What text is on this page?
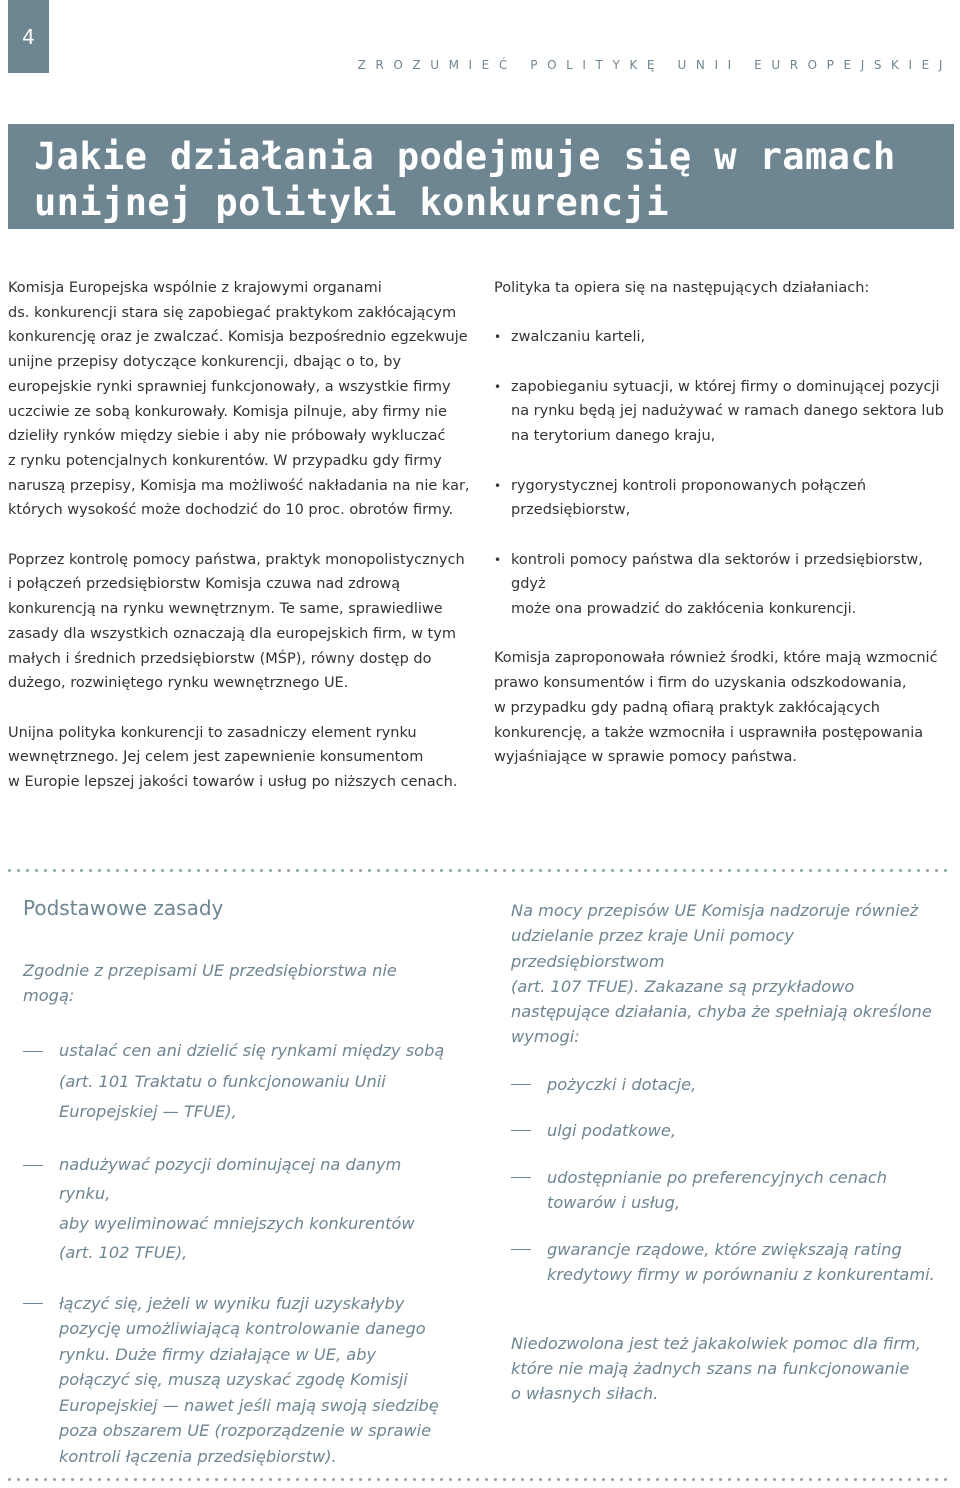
4
ZROZUMIEĆ POLITYKĘ UNII EUROPEJSKIEJ
Jakie działania podejmuje się w ramach
unijnej polityki konkurencji

Komisja Europejska wspólnie z krajowymi organami
ds. konkurencji stara się zapobiegać praktykom zakłócającym
konkurencję oraz je zwalczać. Komisja bezpośrednio egzekwuje
unijne przepisy dotyczące konkurencji, dbając o to, by
europejskie rynki sprawniej funkcjonowały, a wszystkie firmy
uczciwie ze sobą konkurowały. Komisja pilnuje, aby firmy nie
dzieliły rynków między siebie i aby nie próbowały wykluczać
z rynku potencjalnych konkurentów. W przypadku gdy firmy
naruszą przepisy, Komisja ma możliwość nakładania na nie kar,
których wysokość może dochodzić do 10 proc. obrotów firmy.

Poprzez kontrolę pomocy państwa, praktyk monopolistycznych
i połączeń przedsiębiorstw Komisja czuwa nad zdrową
konkurencją na rynku wewnętrznym. Te same, sprawiedliwe
zasady dla wszystkich oznaczają dla europejskich firm, w tym
małych i średnich przedsiębiorstw (MŚP), równy dostęp do
dużego, rozwiniętego rynku wewnętrznego UE.

Unijna polityka konkurencji to zasadniczy element rynku
wewnętrznego. Jej celem jest zapewnienie konsumentom
w Europie lepszej jakości towarów i usług po niższych cenach.

Polityka ta opiera się na następujących działaniach:

• zwalczaniu karteli,

• zapobieganiu sytuacji, w której firmy o dominującej pozycji
na rynku będą jej nadużywać w ramach danego sektora lub
na terytorium danego kraju,

• rygorystycznej kontroli proponowanych połączeń
przedsiębiorstw,

• kontroli pomocy państwa dla sektorów i przedsiębiorstw, gdyż
może ona prowadzić do zakłócenia konkurencji.

Komisja zaproponowała również środki, które mają wzmocnić
prawo konsumentów i firm do uzyskania odszkodowania,
w przypadku gdy padną ofiarą praktyk zakłócających
konkurencję, a także wzmocniła i usprawniła postępowania
wyjaśniające w sprawie pomocy państwa.

Podstawowe zasady

Zgodnie z przepisami UE przedsiębiorstwa nie
mogą:

ustalać cen ani dzielić się rynkami między sobą
(art. 101 Traktatu o funkcjonowaniu Unii
Europejskiej — TFUE),

nadużywać pozycji dominującej na danym rynku,
aby wyeliminować mniejszych konkurentów
(art. 102 TFUE),

łączyć się, jeżeli w wyniku fuzji uzyskałyby
pozycję umożliwiającą kontrolowanie danego
rynku. Duże firmy działające w UE, aby
połączyć się, muszą uzyskać zgodę Komisji
Europejskiej — nawet jeśli mają swoją siedzibę
poza obszarem UE (rozporządzenie w sprawie
kontroli łączenia przedsiębiorstw).

Na mocy przepisów UE Komisja nadzoruje również
udzielanie przez kraje Unii pomocy przedsiębiorstwom
(art. 107 TFUE). Zakazane są przykładowo
następujące działania, chyba że spełniają określone
wymogi:

pożyczki i dotacje,

ulgi podatkowe,

udostępnianie po preferencyjnych cenach
towarów i usług,

gwarancje rządowe, które zwiększają rating
kredytowy firmy w porównaniu z konkurentami.

Niedozwolona jest też jakakolwiek pomoc dla firm,
które nie mają żadnych szans na funkcjonowanie
o własnych siłach.
